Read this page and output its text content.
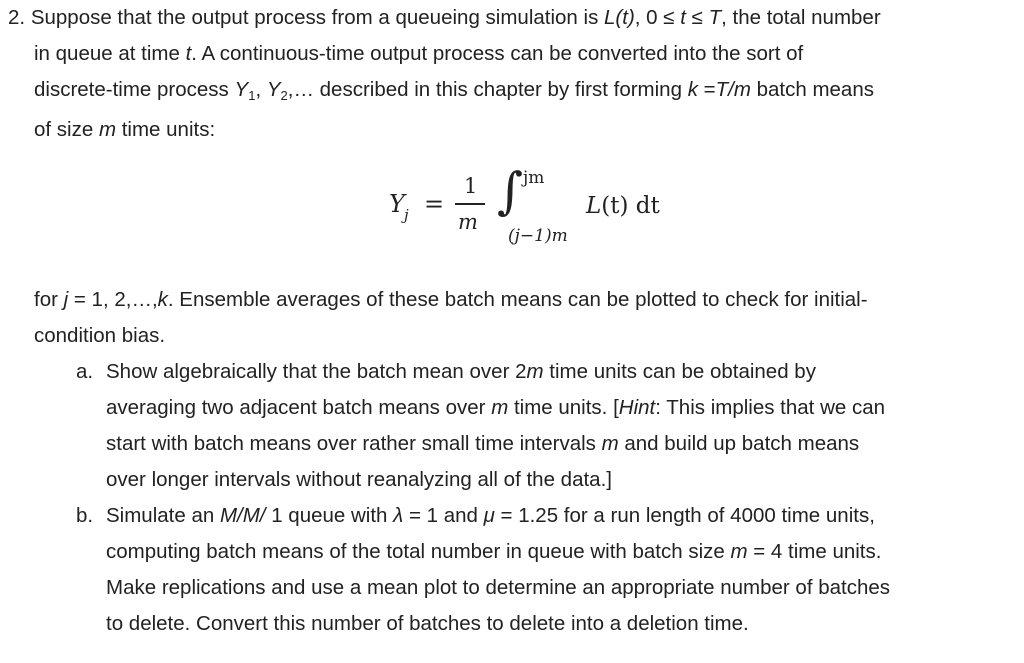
2. Suppose that the output process from a queueing simulation is L(t), 0 ≤ t ≤ T, the total number
in queue at time t. A continuous-time output process can be converted into the sort of
discrete-time process Y1, Y2,… described in this chapter by first forming k =T/m batch means
of size m time units:
Y j =
1
m
∫ jm
(j−1)m
L(t) dt
for j = 1, 2,…,k. Ensemble averages of these batch means can be plotted to check for initial-
condition bias.
a. Show algebraically that the batch mean over 2m time units can be obtained by
averaging two adjacent batch means over m time units. [Hint: This implies that we can
start with batch means over rather small time intervals m and build up batch means
over longer intervals without reanalyzing all of the data.]
b. Simulate an M/M/ 1 queue with λ = 1 and μ = 1.25 for a run length of 4000 time units,
computing batch means of the total number in queue with batch size m = 4 time units.
Make replications and use a mean plot to determine an appropriate number of batches
to delete. Convert this number of batches to delete into a deletion time.
